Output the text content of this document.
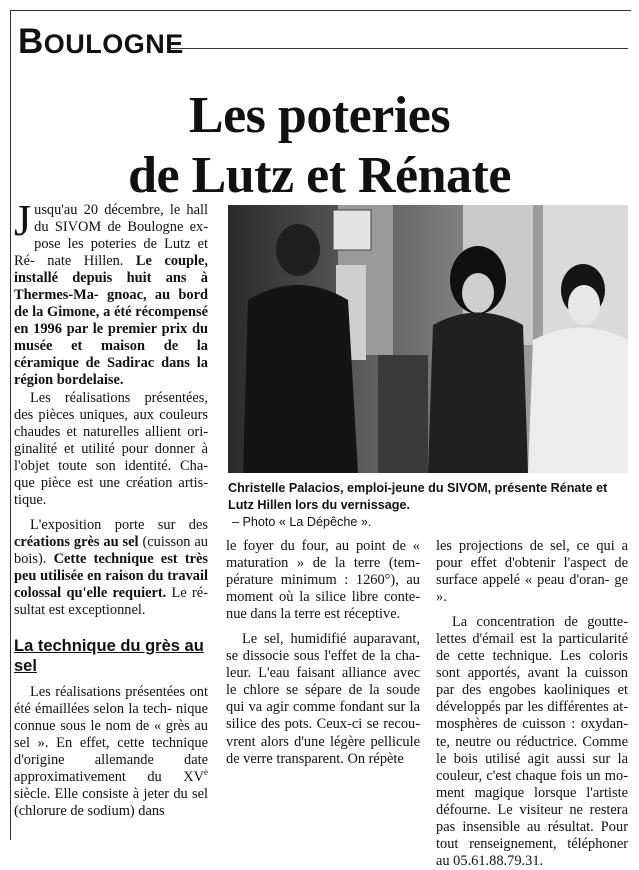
BOULOGNE
Les poteries
de Lutz et Rénate

Jusqu'au 20 décembre, le hall du SIVOM de Boulogne ex- pose les poteries de Lutz et Ré- nate Hillen. Le couple, installé depuis huit ans à Thermes-Ma- gnoac, au bord de la Gimone, a été récompensé en 1996 par le premier prix du musée et maison de la céramique de Sadirac dans la région bordelaise.

Les réalisations présentées, des pièces uniques, aux couleurs chaudes et naturelles allient ori- ginalité et utilité pour donner à l'objet toute son identité. Cha- que pièce est une création artis- tique.

L'exposition porte sur des créations grès au sel (cuisson au bois). Cette technique est très peu utilisée en raison du travail colossal qu'elle requiert. Le ré- sultat est exceptionnel.

La technique du grès au sel

Les réalisations présentées ont été émaillées selon la tech- nique connue sous le nom de « grès au sel ». En effet, cette technique d'origine allemande date approximativement du XVe siècle. Elle consiste à jeter du sel (chlorure de sodium) dans

Christelle Palacios, emploi-jeune du SIVOM, présente Rénate et Lutz Hillen lors du vernissage.
– Photo « La Dépêche ».

le foyer du four, au point de « maturation » de la terre (tem- pérature minimum : 1260°), au moment où la silice libre conte- nue dans la terre est réceptive.

Le sel, humidifié auparavant, se dissocie sous l'effet de la cha- leur. L'eau faisant alliance avec le chlore se sépare de la soude qui va agir comme fondant sur la silice des pots. Ceux-ci se recou- vrent alors d'une légère pellicule de verre transparent. On répète

les projections de sel, ce qui a pour effet d'obtenir l'aspect de surface appelé « peau d'oran- ge ».

La concentration de goutte- lettes d'émail est la particularité de cette technique. Les coloris sont apportés, avant la cuisson par des engobes kaoliniques et développés par les différentes at- mosphères de cuisson : oxydan- te, neutre ou réductrice. Comme le bois utilisé agit aussi sur la couleur, c'est chaque fois un mo- ment magique lorsque l'artiste défourne. Le visiteur ne restera pas insensible au résultat. Pour tout renseignement, téléphoner au 05.61.88.79.31.
